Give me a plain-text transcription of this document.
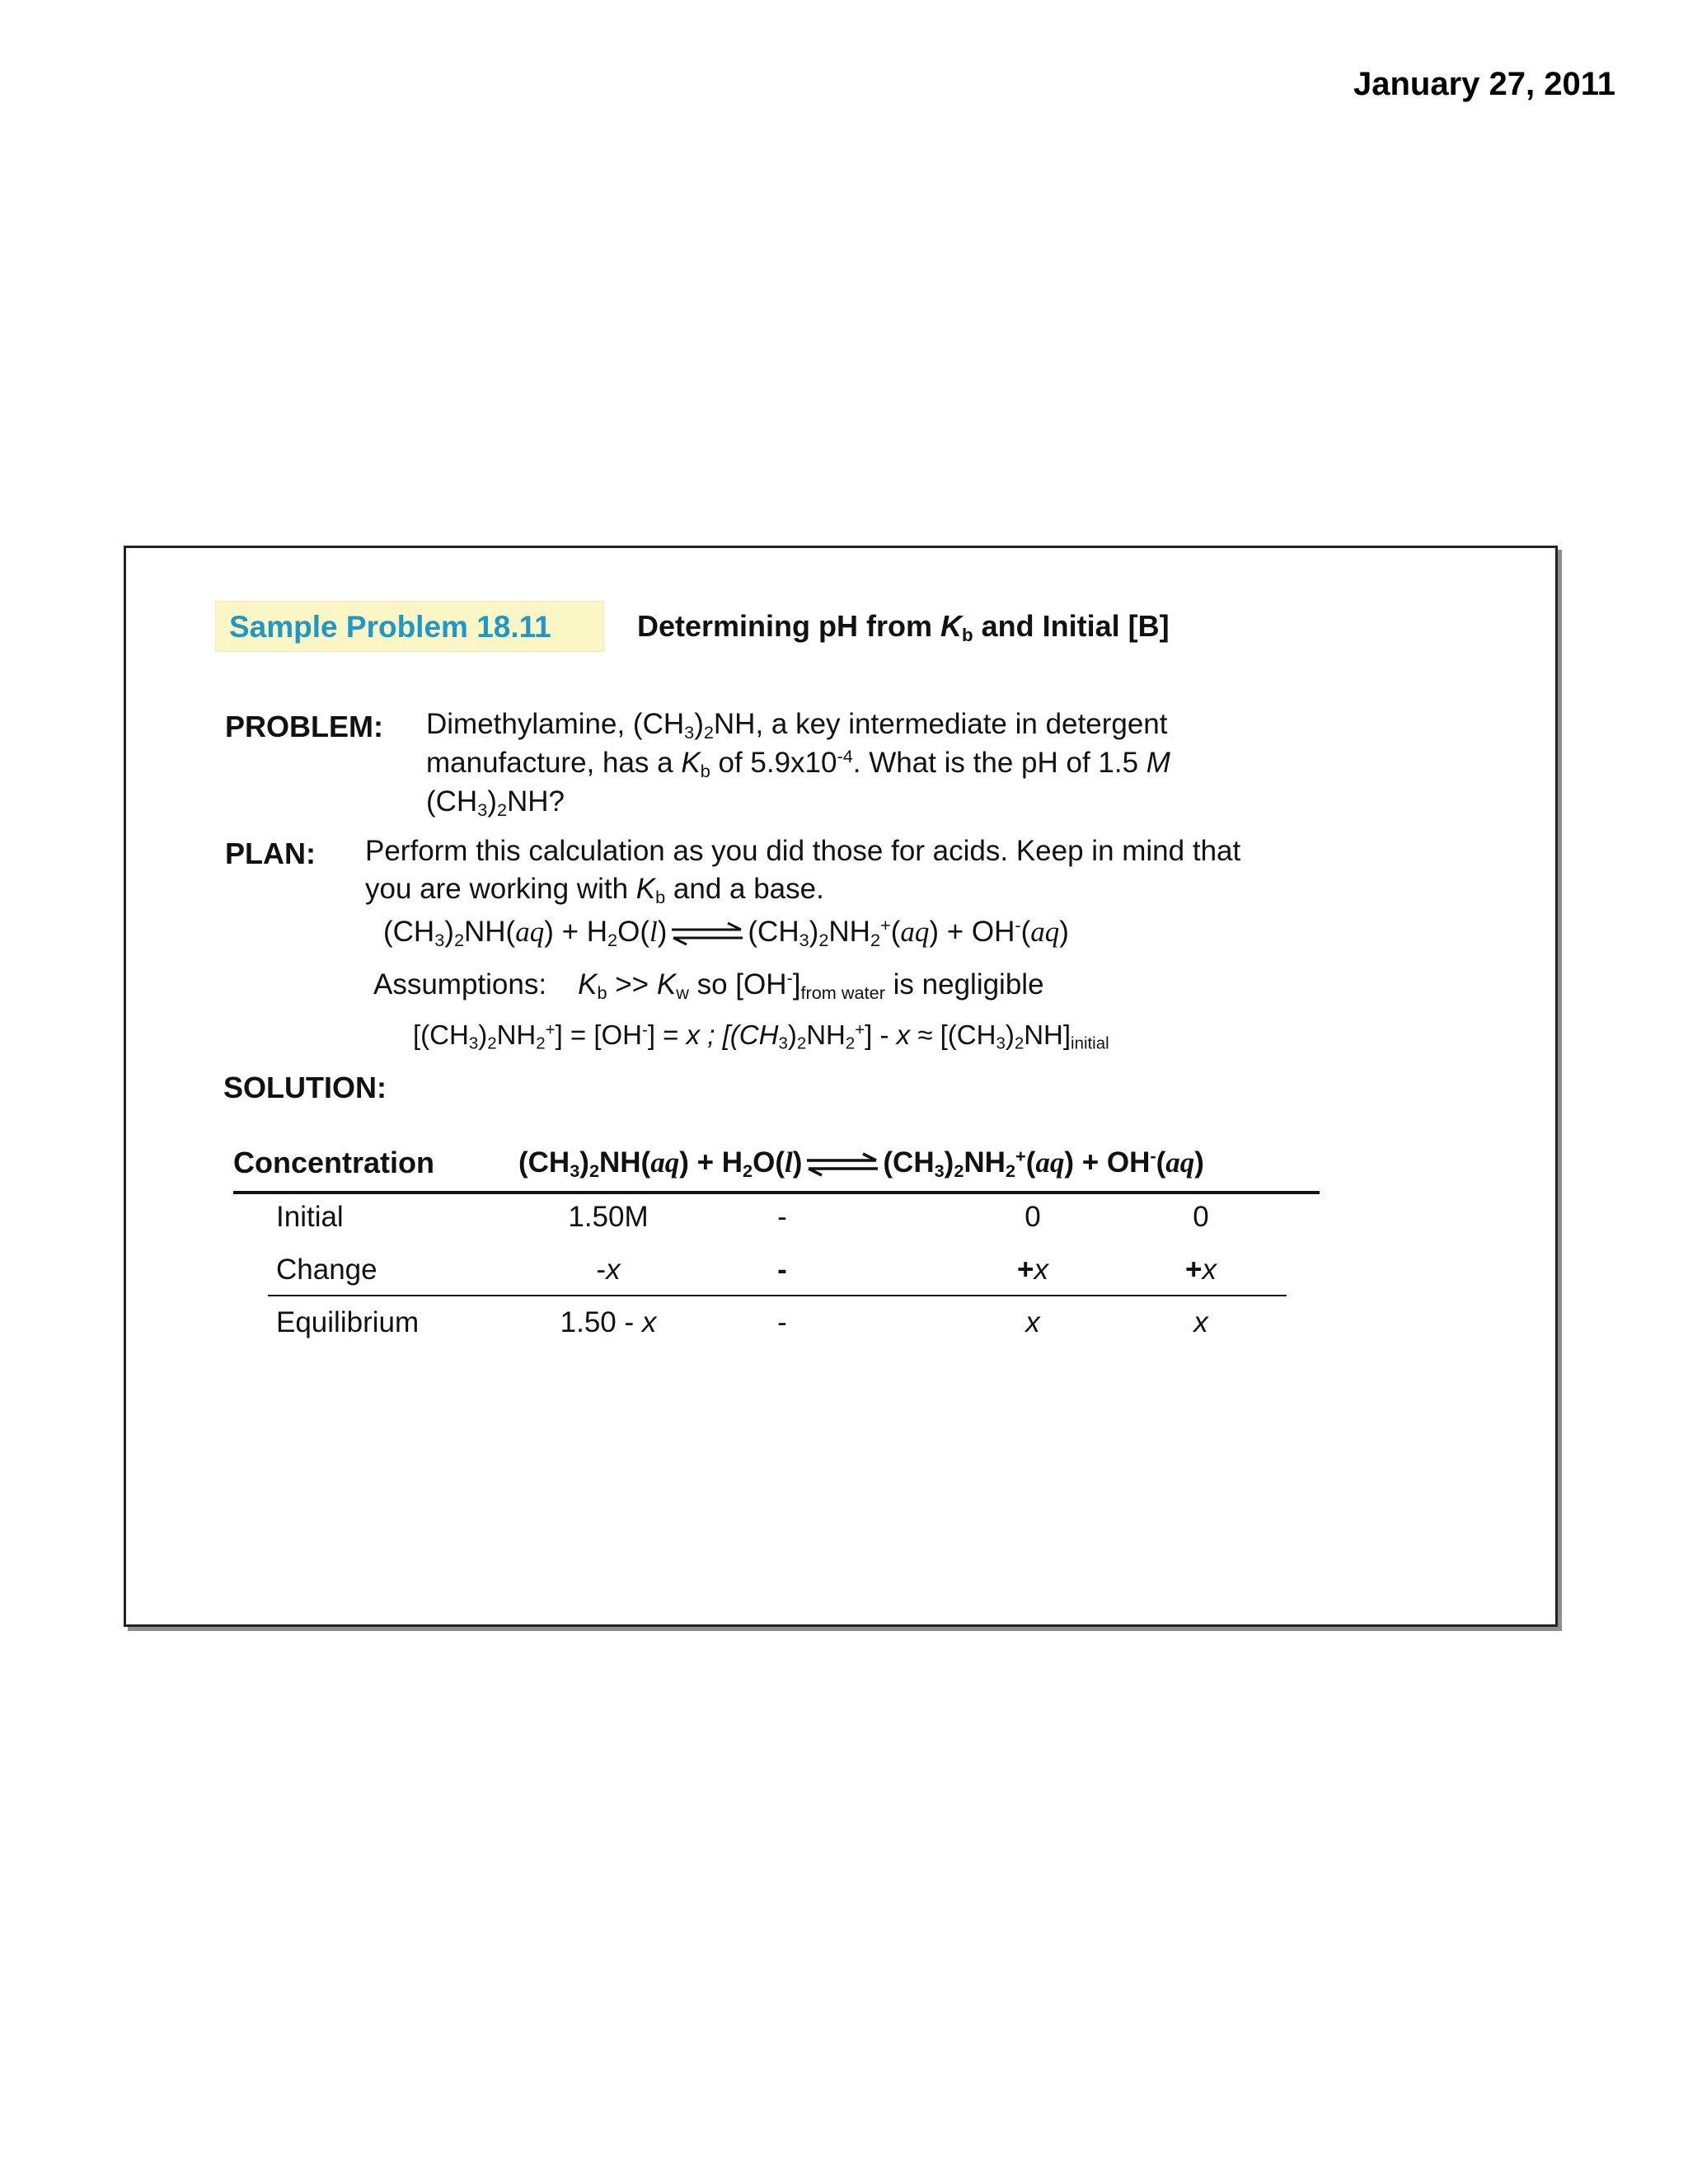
January 27, 2011
Sample Problem 18.11	Determining pH from $K_b$ and Initial [B]
PROBLEM: Dimethylamine, $(CH_3)_2NH$, a key intermediate in detergent
manufacture, has a $K_b$ of $5.9x10^{-4}$. What is the pH of 1.5 M
$(CH_3)_2NH$?
PLAN: Perform this calculation as you did those for acids. Keep in mind that
you are working with $K_b$ and a base.
$(CH_3)_2NH(aq) + H_2O(l)$ ⇌ $(CH_3)_2NH_2^+(aq) + OH^-(aq)$
Assumptions: $K_b >> K_w$ so $[OH^-]_{from water}$ is negligible
$[(CH_3)_2NH_2^+] = [OH^-] = x$ ; $[(CH_3)_2NH_2^+] - x \approx [(CH_3)_2NH]_{initial}$
SOLUTION:
Concentration	$(CH_3)_2NH(aq) + H_2O(l)$ ⇌ $(CH_3)_2NH_2^+(aq) + OH^-(aq)$
Initial	1.50M	-	0	0
Change	-x	-	+x	+x
Equilibrium	1.50 - x	-	x	x
